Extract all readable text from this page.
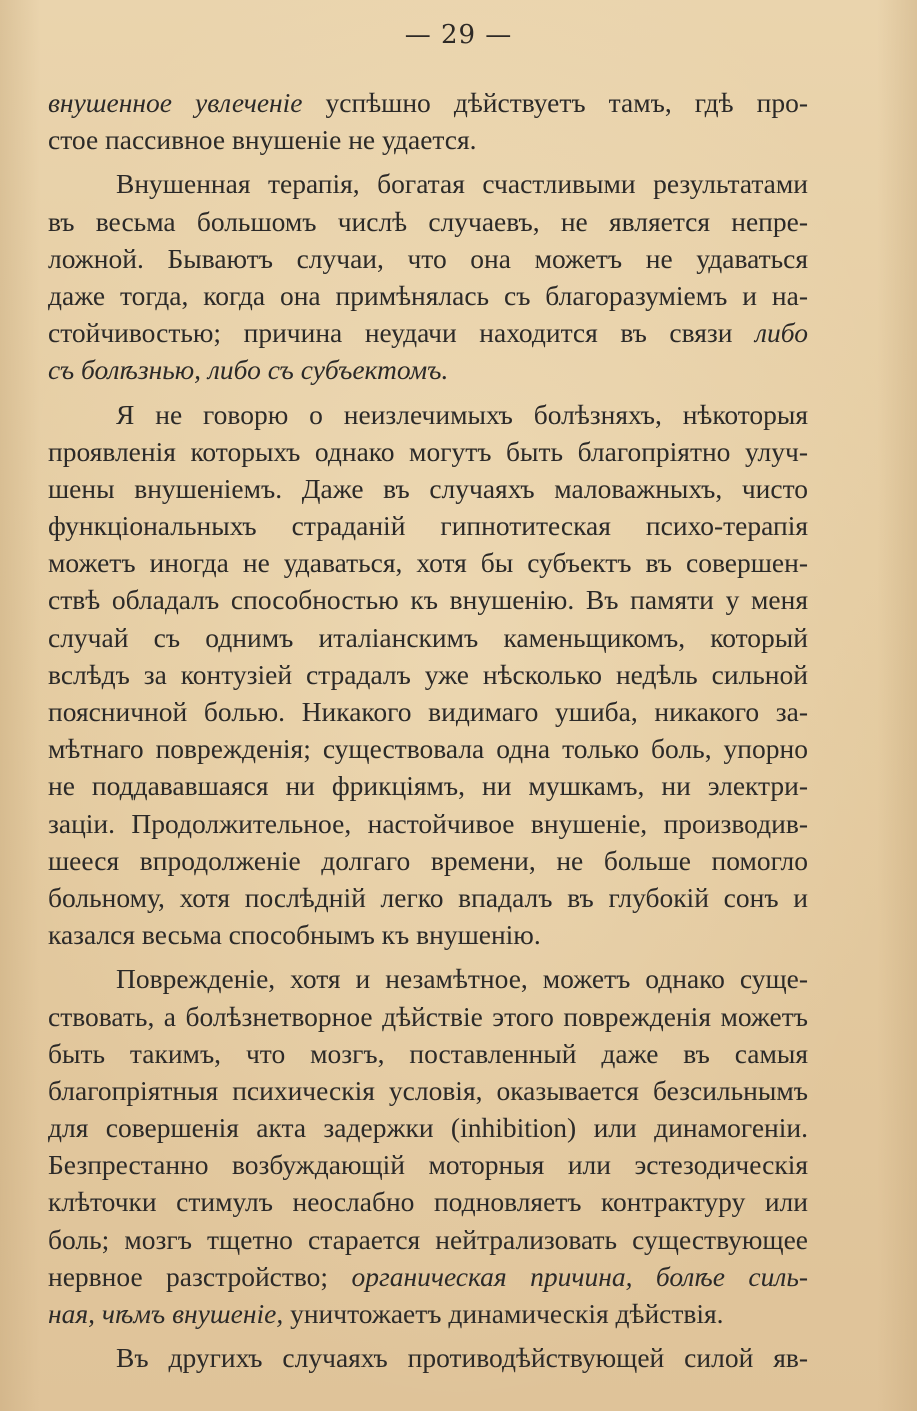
— 29 —
внушенное увлеченіе успѣшно дѣйствуетъ тамъ, гдѣ про-
стое пассивное внушеніе не удается.
Внушенная терапія, богатая счастливыми результатами
въ весьма большомъ числѣ случаевъ, не является непре-
ложной. Бываютъ случаи, что она можетъ не удаваться
даже тогда, когда она примѣнялась съ благоразуміемъ и на-
стойчивостью; причина неудачи находится въ связи либо
съ болѣзнью, либо съ субъектомъ.
Я не говорю о неизлечимыхъ болѣзняхъ, нѣкоторыя
проявленія которыхъ однако могутъ быть благопріятно улуч-
шены внушеніемъ. Даже въ случаяхъ маловажныхъ, чисто
функціональныхъ страданій гипнотитеская психо-терапія
можетъ иногда не удаваться, хотя бы субъектъ въ совершен-
ствѣ обладалъ способностью къ внушенію. Въ памяти у меня
случай съ однимъ италіанскимъ каменьщикомъ, который
вслѣдъ за контузіей страдалъ уже нѣсколько недѣль сильной
поясничной болью. Никакого видимаго ушиба, никакого за-
мѣтнаго поврежденія; существовала одна только боль, упорно
не поддававшаяся ни фрикціямъ, ни мушкамъ, ни электри-
заціи. Продолжительное, настойчивое внушеніе, производив-
шееся впродолженіе долгаго времени, не больше помогло
больному, хотя послѣдній легко впадалъ въ глубокій сонъ и
казался весьма способнымъ къ внушенію.
Поврежденіе, хотя и незамѣтное, можетъ однако суще-
ствовать, а болѣзнетворное дѣйствіе этого поврежденія можетъ
быть такимъ, что мозгъ, поставленный даже въ самыя
благопріятныя психическія условія, оказывается безсильнымъ
для совершенія акта задержки (inhibition) или динамогеніи.
Безпрестанно возбуждающій моторныя или эстезодическія
клѣточки стимулъ неослабно подновляетъ контрактуру или
боль; мозгъ тщетно старается нейтрализовать существующее
нервное разстройство; органическая причина, болѣе силь-
ная, чѣмъ внушеніе, уничтожаетъ динамическія дѣйствія.
Въ другихъ случаяхъ противодѣйствующей силой яв-
